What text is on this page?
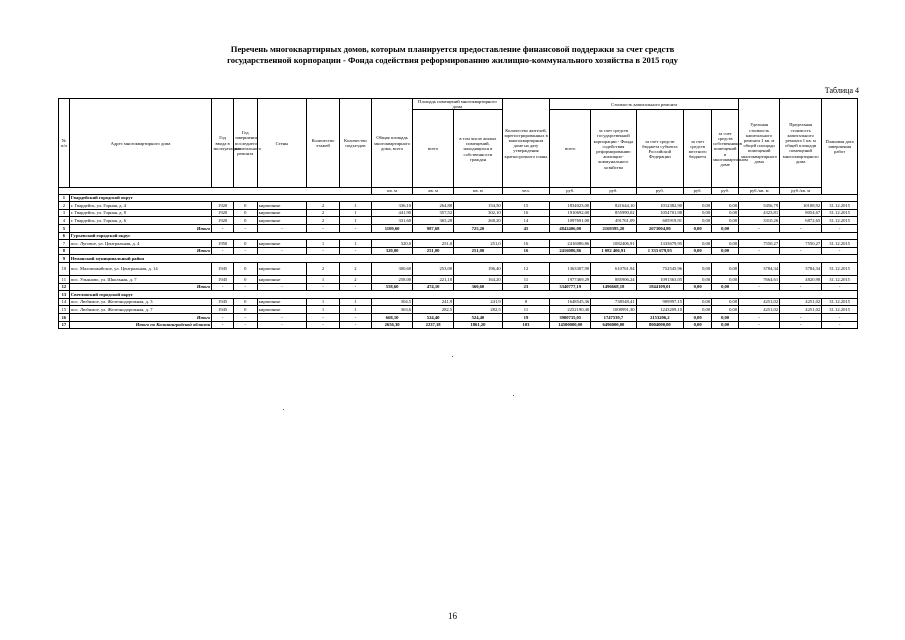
Перечень многоквартирных домов, которым планируется предоставление финансовой поддержки за счет средств
государственной корпорации - Фонда содействия реформированию жилищно-коммунального хозяйства в 2015 году
Таблица 4
№ п/п	Адрес многоквартирного дома	Год ввода в эксплуатацию	Год завершения последнего капитального ремонта	Стены	Количество этажей	Количество подъездов	Общая площадь многоквартирного дома, всего	Площадь помещений многоквартирного дома		Количество жителей, зарегистрированных в многоквартирном доме на дату утверждения краткосрочного плана	Стоимость капитального ремонта					Удельная стоимость капитального ремонта 1 кв. м общей площади помещений многоквартирного дома	Предельная стоимость капитального ремонта 1 кв. м общей площади помещений многоквартирного дома	Плановая дата завершения работ
								всего	в том числе жилых помещений, находящихся в собственности граждан		всего	за счет средств государственной корпорации - Фонда содействия реформированию жилищно-коммунального хозяйства	за счет средств бюджета субъекта Российской Федерации	за счет средств местного бюджета	за счет средств собственников помещений в многоквартирном доме			
							кв. м	кв. м	кв. м	чел.	руб.	руб.	руб.	руб.	руб.	руб./кв. м	руб./кв. м	
1	Гвардейский городской округ																	
2	г. Гвардейск, ул. Горная, д. 4	1920	0	кирпичные	2	1	336,10	264,88	154,50	15	1834023,00	821644,10	1012382,90	0,00	0,00	5456,79	10108,92	31.12.2015
3	г. Гвардейск, ул. Горная, д. 8	1920	0	кирпичные	2	1	441,90	357,52	302,10	16	1910692,00	855990,02	1054701,98	0,00	0,00	4323,81	8054,67	31.12.2015
4	г. Гвардейск, ул. Горная, д. 6	1920	0	кирпичные	2	1	331,60	365,28	268,20	14	1097691,00	491761,09	605919,91	0,00	0,00	3310,26	6872,65	31.12.2015
5	Итого	-	-	-	-	-	1109,60	987,68	725,20	45	4842406,00	2169395,20	2673004,80	0,00	0,00	-	-	-
6	Гурьевский городской округ																	
7	пос. Луговое, ул. Центральная, д. 4	1950	0	кирпичные	1	1	320,0	251,0	251,0	16	2416086,86	1082406,91	1333679,95	0,00	0,00	7550,27	7550,27	31.12.2015
8	Итого	-	-	-	-	-	320,00	251,00	251,00	16	2416086,86	1 082 406,91	1 333 679,95	0,00	0,00	-	-	-
9	Неманский муниципальный район																	
10	пос. Маломожайское, ул. Центральная, д. 14	1945	0	кирпичные	2	2	300,60	253,00	196,40	12	1363307,90	610761,94	752545,96	0,00	0,00	3784,34	3784,34	31.12.2015
11	пос. Ульяново, ул. Школьная, д. 7	1945	0	кирпичные	1	2	258,00	221,10	164,20	11	1977469,29	885906,24	1091563,05	0,00	0,00	7664,61	4820,98	31.12.2015
12	Итого	-	-	-	-	-	558,60	474,10	360,60	23	3340777,19	1496668,18	1844109,01	0,00	0,00	-	-	-
13	Светловский городской округ																	
14	пос. Любимое, ул. Железнодорожная, д. 3	1945	0	кирпичные	1	1	304,5	241,9	241,9	8	1648545,36	738548,41	909997,15	0,00	0,00	4251,02	4251,02	31.12.2015
15	пос. Любимое, ул. Железнодорожная, д. 7	1945	0	кирпичные	1	1	363,6	282,5	282,5	11	2252190,40	1008991,30	1243209,10	0,00	0,00	4251,02	4251,02	31.12.2015
16	Итого	-	-	-	-	-	668,10	524,40	524,40	19	3900735,05	1747539,7	2153206,2	0,00	0,00	-	-	-
17	Итого по Калининградской области	-	-	-	-	-	2656,30	2237,18	1861,20	103	14500000,00	6496000,00	8004000,00	0,00	0,00	-	-	-
16
